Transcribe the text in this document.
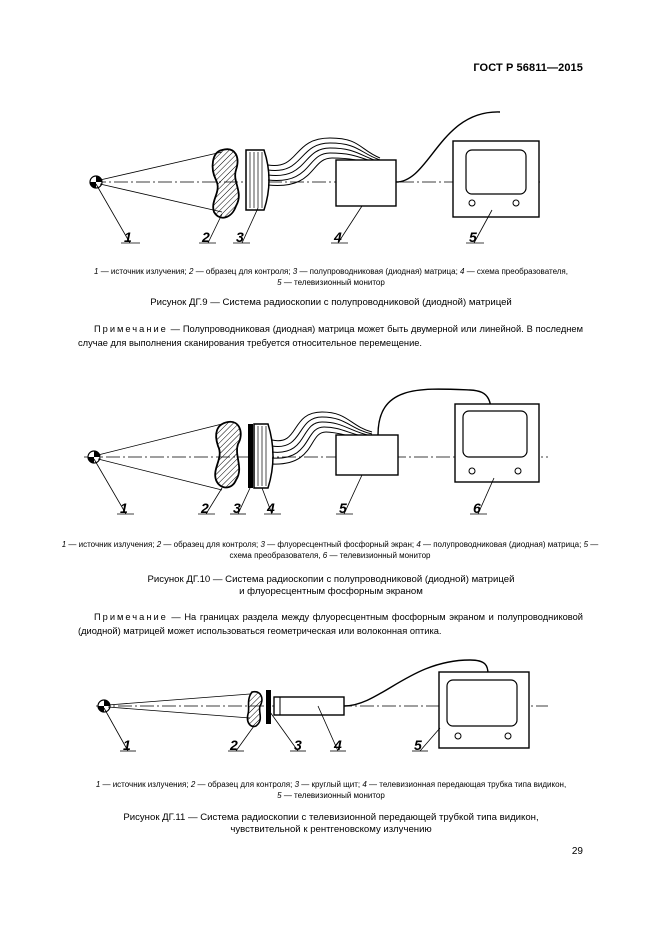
ГОСТ Р 56811—2015
1	2 3	4	5
1 — источник излучения; 2 — образец для контроля; 3 — полупроводниковая (диодная) матрица; 4 — схема преобразователя,
5 — телевизионный монитор
Рисунок ДГ.9 — Система радиоскопии с полупроводниковой (диодной) матрицей
Примечание — Полупроводниковая (диодная) матрица может быть двумерной или линейной. В последнем случае для выполнения сканирования требуется относительное перемещение.
1	2 3 4	5	6
1 — источник излучения; 2 — образец для контроля; 3 — флуоресцентный фосфорный экран; 4 — полупроводниковая (диодная) матрица; 5 — схема преобразователя, 6 — телевизионный монитор
Рисунок ДГ.10 — Система радиоскопии с полупроводниковой (диодной) матрицей
и флуоресцентным фосфорным экраном
Примечание — На границах раздела между флуоресцентным фосфорным экраном и полупроводниковой (диодной) матрицей может использоваться геометрическая или волоконная оптика.
1	2	3 4	5
1 — источник излучения; 2 — образец для контроля; 3 — круглый щит; 4 — телевизионная передающая трубка типа видикон,
5 — телевизионный монитор
Рисунок ДГ.11 — Система радиоскопии с телевизионной передающей трубкой типа видикон,
чувствительной к рентгеновскому излучению
29
